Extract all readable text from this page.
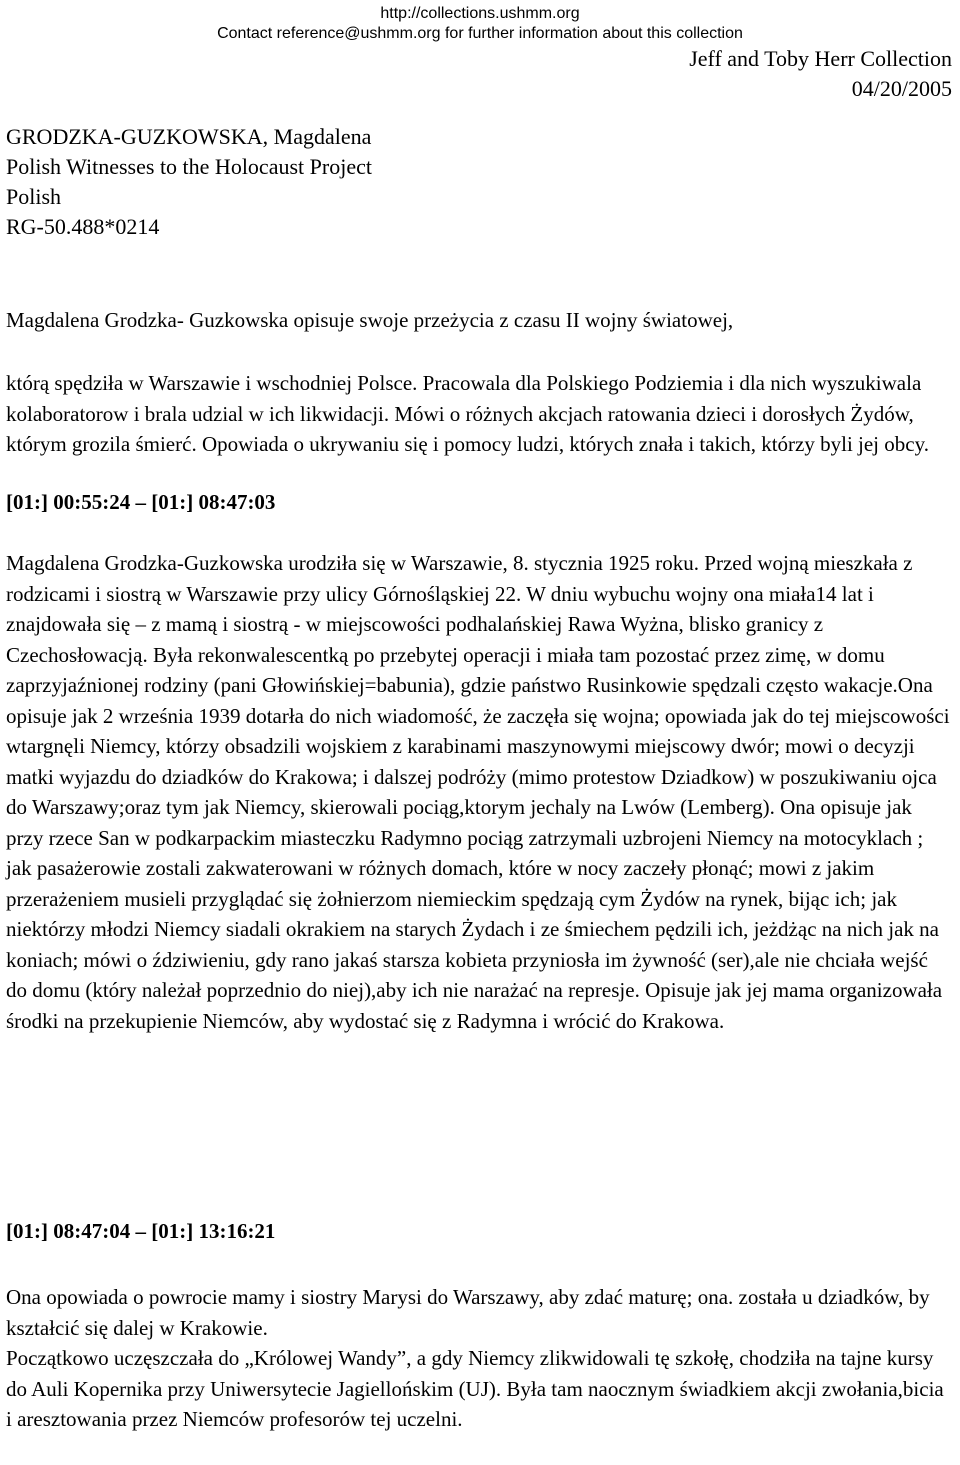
http://collections.ushmm.org
Contact reference@ushmm.org for further information about this collection
Jeff and Toby Herr Collection
04/20/2005
GRODZKA-GUZKOWSKA, Magdalena
Polish Witnesses to the Holocaust Project
Polish
RG-50.488*0214

Magdalena Grodzka- Guzkowska opisuje swoje przeżycia z czasu II wojny światowej,

którą spędziła w Warszawie i wschodniej Polsce. Pracowala dla Polskiego Podziemia i dla nich wyszukiwala kolaboratorow i brala udzial w ich likwidacji. Mówi o różnych akcjach ratowania dzieci i dorosłych Żydów, którym grozila śmierć. Opowiada o ukrywaniu się i pomocy ludzi, których znała i takich, którzy byli jej obcy.

[01:] 00:55:24 – [01:] 08:47:03

Magdalena Grodzka-Guzkowska urodziła się w Warszawie, 8. stycznia 1925 roku. Przed wojną mieszkała z rodzicami i siostrą w Warszawie przy ulicy Górnośląskiej 22. W dniu wybuchu wojny ona miała14 lat i znajdowała się – z mamą i siostrą - w miejscowości podhalańskiej Rawa Wyżna, blisko granicy z Czechosłowacją. Była rekonwalescentką po przebytej operacji i miała tam pozostać przez zimę, w domu zaprzyjaźnionej rodziny (pani Głowińskiej=babunia), gdzie państwo Rusinkowie spędzali często wakacje.Ona opisuje jak 2 września 1939 dotarła do nich wiadomość, że zaczęła się wojna; opowiada jak do tej miejscowości wtargnęli Niemcy, którzy obsadzili wojskiem z karabinami maszynowymi miejscowy dwór; mowi o decyzji matki wyjazdu do dziadków do Krakowa; i dalszej podróży (mimo protestow Dziadkow) w poszukiwaniu ojca do Warszawy;oraz tym jak Niemcy, skierowali pociąg,ktorym jechaly na Lwów (Lemberg). Ona opisuje jak przy rzece San w podkarpackim miasteczku Radymno pociąg zatrzymali uzbrojeni Niemcy na motocyklach ; jak pasażerowie zostali zakwaterowani w różnych domach, które w nocy zaczeły płonąć; mowi z jakim przerażeniem musieli przyglądać się żołnierzom niemieckim spędzają cym Żydów na rynek, bijąc ich; jak niektórzy młodzi Niemcy siadali okrakiem na starych Żydach i ze śmiechem pędzili ich, jeżdżąc na nich jak na koniach; mówi o ździwieniu, gdy rano jakaś starsza kobieta przyniosła im żywność (ser),ale nie chciała wejść do domu (który należał poprzednio do niej),aby ich nie narażać na represje. Opisuje jak jej mama organizowała środki na przekupienie Niemców, aby wydostać się z Radymna i wrócić do Krakowa.

[01:] 08:47:04 – [01:] 13:16:21

Ona opowiada o powrocie mamy i siostry Marysi do Warszawy, aby zdać maturę; ona. została u dziadków, by kształcić się dalej w Krakowie.

Początkowo uczęszczała do „Królowej Wandy”, a gdy Niemcy zlikwidowali tę szkołę, chodziła na tajne kursy do Auli Kopernika przy Uniwersytecie Jagiellońskim (UJ). Była tam naocznym świadkiem akcji zwołania,bicia i aresztowania przez Niemców profesorów tej uczelni.
